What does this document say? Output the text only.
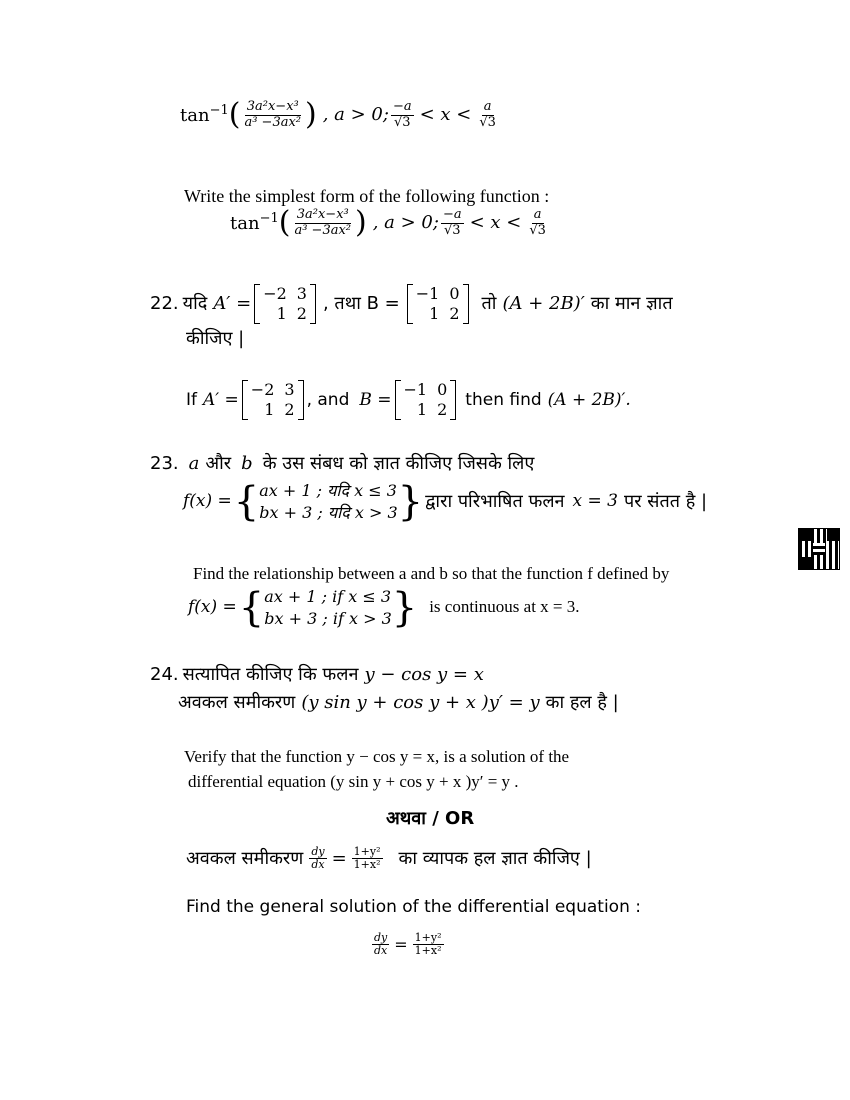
$\tan^{-1}$ ( $\frac{\text{3a²x−x³}}{\text{a³ −3ax²}}$ ) , a > 0; $\frac{-a}{√3} < x < \frac{a}{√3}$
Write the simplest form of the following function :
$\tan^{-1}$ ( $\frac{\text{3a²x−x³}}{\text{a³ −3ax²}}$ ) , a > 0; $\frac{-a}{√3} < x < \frac{a}{√3}$
22. यदि A′ = −2 3
1 2 , तथा B = −1 0
1 2 तो (A + 2B)′ का मान ज्ञात
कीजिए |
If A′ =
−2 3
1 2 , and B =
−1 0
1 2 then find (A + 2B)′.
23. a और b के उस संबध को ज्ञात कीजिए जिसके लिए
f(x) = { ax + 1 ; यदि x ≤ 3
bx + 3 ; यदि x > 3 } द्वारा परिभाषित फलन x = 3 पर संतत है |
Find the relationship between a and b so that the function f defined by
f(x) = { ax + 1 ; if x ≤ 3
bx + 3 ; if x > 3 } is continuous at x = 3.
24. सत्यापित कीजिए कि फलन y − cos y = x
अवकल समीकरण (y sin y + cos y + x )y′ = y का हल है |
Verify that the function y − cos y = x, is a solution of the
differential equation (y sin y + cos y + x )y′ = y .
अथवा / OR
अवकल समीकरण $\frac{dy}{dx} = \frac{\text{1+y²}}{\text{1+x²}}$ का व्यापक हल ज्ञात कीजिए |
Find the general solution of the differential equation :
$\frac{dy}{dx} = \frac{\text{1+y²}}{\text{1+x²}}$
